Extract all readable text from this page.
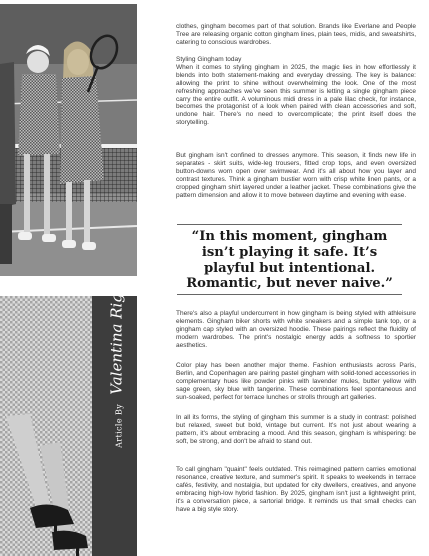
Article By Valentina Rigo

clothes, gingham becomes part of that solution. Brands like Everlane and People Tree are releasing organic cotton gingham lines, plain tees, midis, and sweatshirts, catering to conscious wardrobes.

Styling Gingham today

When it comes to styling gingham in 2025, the magic lies in how effortlessly it blends into both statement-making and everyday dressing. The key is balance: allowing the print to shine without overwhelming the look. One of the most refreshing approaches we've seen this summer is letting a single gingham piece carry the entire outfit. A voluminous midi dress in a pale lilac check, for instance, becomes the protagonist of a look when paired with clean accessories and soft, undone hair. There's no need to overcomplicate; the print itself does the storytelling.

But gingham isn't confined to dresses anymore. This season, it finds new life in separates - skirt suits, wide-leg trousers, fitted crop tops, and even oversized button-downs worn open over swimwear. And it's all about how you layer and contrast textures. Think a gingham bustier worn with crisp white linen pants, or a cropped gingham shirt layered under a leather jacket. These combinations give the pattern dimension and allow it to move between daytime and evening with ease.

“In this moment, gingham isn’t playing it safe. It’s playful but intentional. Romantic, but never naive.”

There's also a playful undercurrent in how gingham is being styled with athleisure elements. Gingham biker shorts with white sneakers and a simple tank top, or a gingham cap styled with an oversized hoodie. These pairings reflect the fluidity of modern wardrobes. The print's nostalgic energy adds a softness to sportier aesthetics.

Color play has been another major theme. Fashion enthusiasts across Paris, Berlin, and Copenhagen are pairing pastel gingham with solid-toned accessories in complementary hues like powder pinks with lavender mules, butter yellow with sage green, sky blue with tangerine. These combinations feel spontaneous and sun-soaked, perfect for terrace lunches or strolls through art galleries.

In all its forms, the styling of gingham this summer is a study in contrast: polished but relaxed, sweet but bold, vintage but current. It's not just about wearing a pattern, it's about embracing a mood. And this season, gingham is whispering: be soft, be strong, and don't be afraid to stand out.

To call gingham "quaint" feels outdated. This reimagined pattern carries emotional resonance, creative texture, and summer's spirit. It speaks to weekends in terrace cafés, festivity, and nostalgia, but updated for city dwellers, creatives, and anyone embracing high-low hybrid fashion. By 2025, gingham isn't just a lightweight print, it's a conversation piece, a sartorial bridge. It reminds us that small checks can have a big style story.
